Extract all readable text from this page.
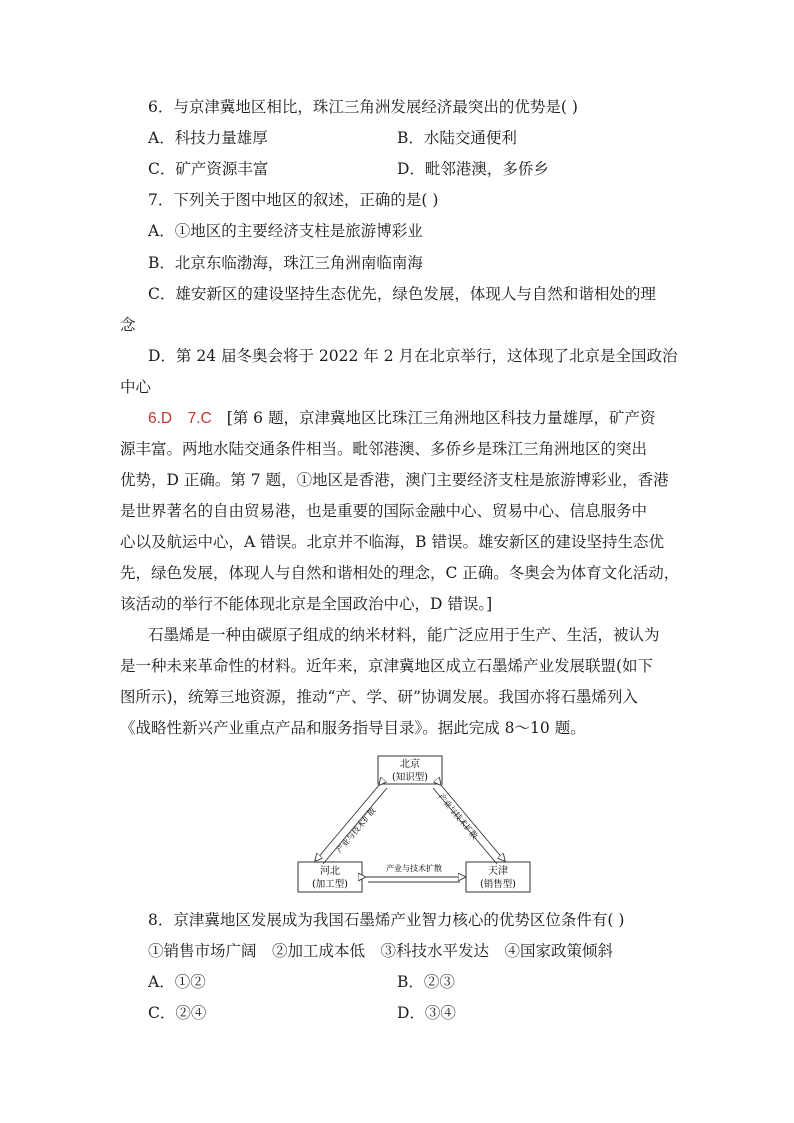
6．与京津冀地区相比，珠江三角洲发展经济最突出的优势是( )
A．科技力量雄厚	B．水陆交通便利
C．矿产资源丰富	D．毗邻港澳，多侨乡
7．下列关于图中地区的叙述，正确的是( )
A．①地区的主要经济支柱是旅游博彩业
B．北京东临渤海，珠江三角洲南临南海
C．雄安新区的建设坚持生态优先，绿色发展，体现人与自然和谐相处的理
念
D．第 24 届冬奥会将于 2022 年 2 月在北京举行，这体现了北京是全国政治
中心
6.D　7.C [第 6 题，京津冀地区比珠江三角洲地区科技力量雄厚，矿产资
源丰富。两地水陆交通条件相当。毗邻港澳、多侨乡是珠江三角洲地区的突出
优势，D 正确。第 7 题，①地区是香港，澳门主要经济支柱是旅游博彩业，香港
是世界著名的自由贸易港，也是重要的国际金融中心、贸易中心、信息服务中
心以及航运中心，A 错误。北京并不临海，B 错误。雄安新区的建设坚持生态优
先，绿色发展，体现人与自然和谐相处的理念，C 正确。冬奥会为体育文化活动，
该活动的举行不能体现北京是全国政治中心，D 错误。]
石墨烯是一种由碳原子组成的纳米材料，能广泛应用于生产、生活，被认为
是一种未来革命性的材料。近年来，京津冀地区成立石墨烯产业发展联盟(如下
图所示)，统筹三地资源，推动“产、学、研”协调发展。我国亦将石墨烯列入
《战略性新兴产业重点产品和服务指导目录》。据此完成 8～10 题。
北京
(知识型)
河北
(加工型)
天津
(销售型)
产业与技术扩散	产业与技术扩散
产业与技术扩散
8．京津冀地区发展成为我国石墨烯产业智力核心的优势区位条件有( )
①销售市场广阔　②加工成本低　③科技水平发达　④国家政策倾斜
A．①②	B．②③
C．②④	D．③④
